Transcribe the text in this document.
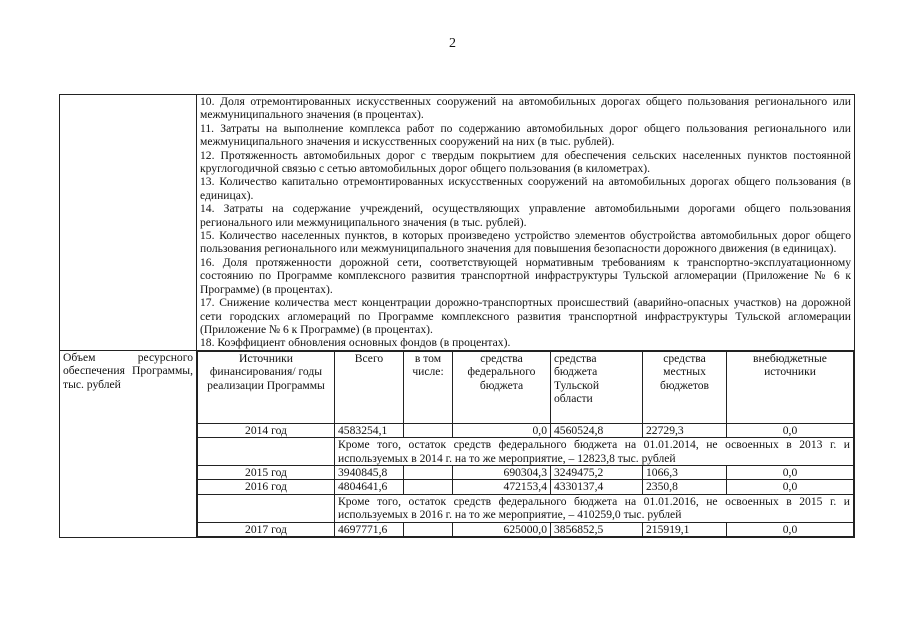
2

10. Доля отремонтированных искусственных сооружений на автомобильных дорогах общего пользования регионального или межмуниципального значения (в процентах).

11. Затраты на выполнение комплекса работ по содержанию автомобильных дорог общего пользования регионального или межмуниципального значения и искусственных сооружений на них (в тыс. рублей).

12. Протяженность автомобильных дорог с твердым покрытием для обеспечения сельских населенных пунктов постоянной круглогодичной связью с сетью автомобильных дорог общего пользования (в километрах).

13. Количество капитально отремонтированных искусственных сооружений на автомобильных дорогах общего пользования (в единицах).

14. Затраты на содержание учреждений, осуществляющих управление автомобильными дорогами общего пользования регионального или межмуниципального значения (в тыс. рублей).

15. Количество населенных пунктов, в которых произведено устройство элементов обустройства автомобильных дорог общего пользования регионального или межмуниципального значения для повышения безопасности дорожного движения (в единицах).

16. Доля протяженности дорожной сети, соответствующей нормативным требованиям к транспортно-эксплуатационному состоянию по Программе комплексного развития транспортной инфраструктуры Тульской агломерации (Приложение № 6 к Программе) (в процентах).

17. Снижение количества мест концентрации дорожно-транспортных происшествий (аварийно-опасных участков) на дорожной сети городских агломераций по Программе комплексного развития транспортной инфраструктуры Тульской агломерации (Приложение № 6 к Программе) (в процентах).

18. Коэффициент обновления основных фондов (в процентах).

Объем ресурсного обеспечения Программы, тыс. рублей	
Источники финансирования/ годы реализации Программы	Всего	в том числе:	средства федерального бюджета	средства бюджета Тульской области	средства местных бюджетов	внебюджетные источники
2014 год	4583254,1		0,0	4560524,8	22729,3	0,0
	Кроме того, остаток средств федерального бюджета на 01.01.2014, не освоенных в 2013 г. и используемых в 2014 г. на то же мероприятие, – 12823,8 тыс. рублей
2015 год	3940845,8		690304,3	3249475,2	1066,3	0,0
2016 год	4804641,6		472153,4	4330137,4	2350,8	0,0
	Кроме того, остаток средств федерального бюджета на 01.01.2016, не освоенных в 2015 г. и используемых в 2016 г. на то же мероприятие, – 410259,0 тыс. рублей
2017 год	4697771,6		625000,0	3856852,5	215919,1	0,0
